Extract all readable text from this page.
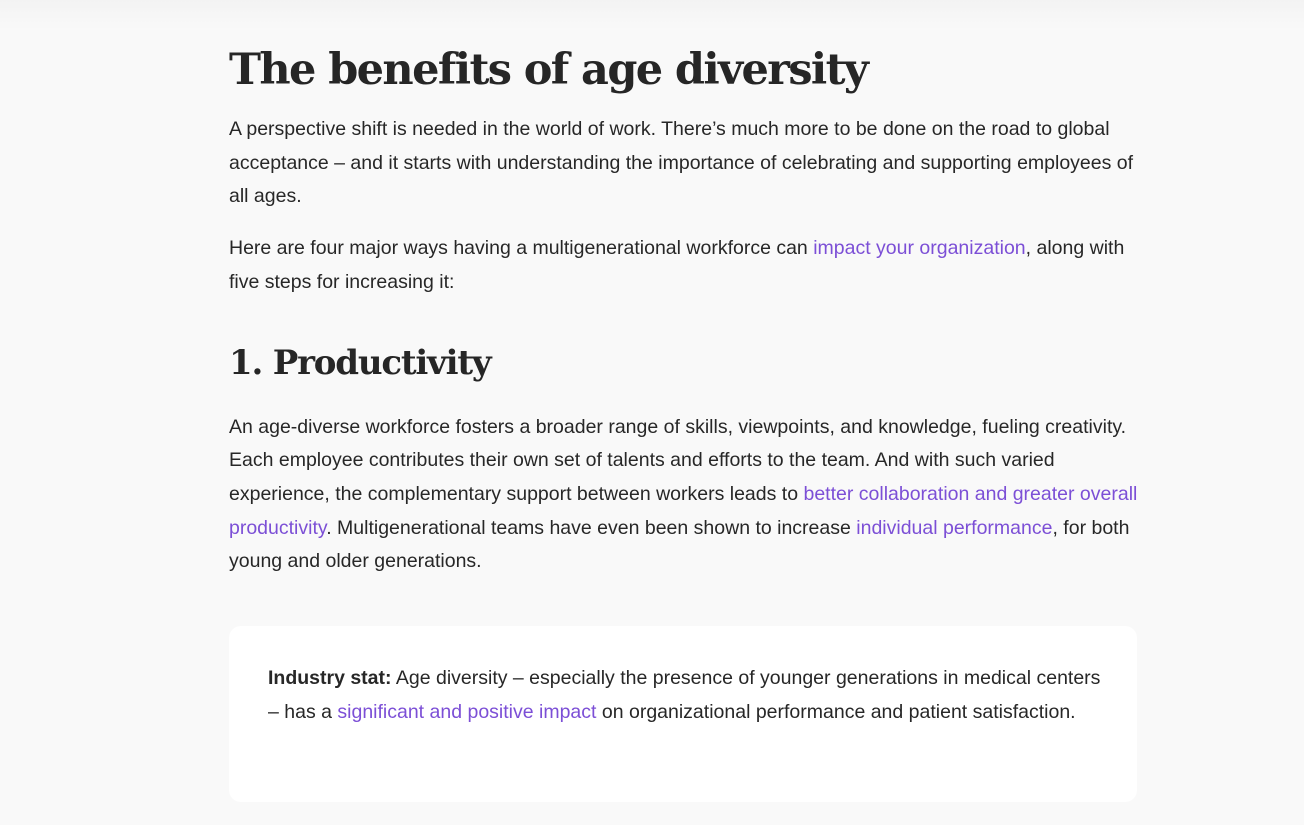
The benefits of age diversity

A perspective shift is needed in the world of work. There’s much more to be done on the road to global acceptance – and it starts with understanding the importance of celebrating and supporting employees of all ages.

Here are four major ways having a multigenerational workforce can impact your organization, along with five steps for increasing it:

1. Productivity

An age-diverse workforce fosters a broader range of skills, viewpoints, and knowledge, fueling creativity. Each employee contributes their own set of talents and efforts to the team. And with such varied experience, the complementary support between workers leads to better collaboration and greater overall productivity. Multigenerational teams have even been shown to increase individual performance, for both young and older generations.

Industry stat: Age diversity – especially the presence of younger generations in medical centers – has a significant and positive impact on organizational performance and patient satisfaction.
